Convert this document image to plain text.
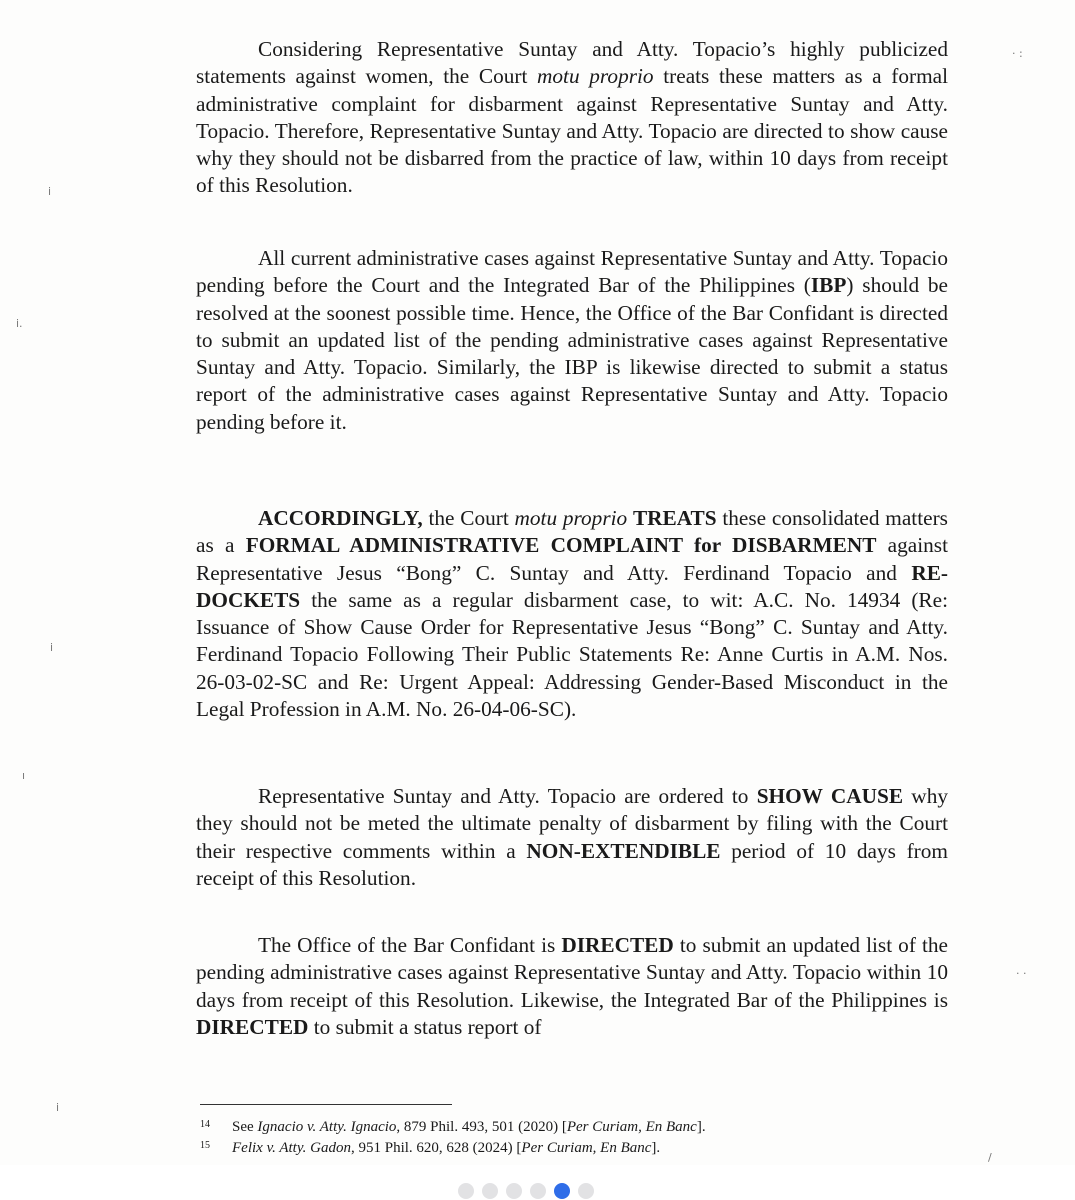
ⅰ
ⅰ.
ⅰ
ı
ⅰ
· :
· ·
/

Considering Representative Suntay and Atty. Topacio’s highly publicized statements against women, the Court motu proprio treats these matters as a formal administrative complaint for disbarment against Representative Suntay and Atty. Topacio. Therefore, Representative Suntay and Atty. Topacio are directed to show cause why they should not be disbarred from the practice of law, within 10 days from receipt of this Resolution.

All current administrative cases against Representative Suntay and Atty. Topacio pending before the Court and the Integrated Bar of the Philippines (IBP) should be resolved at the soonest possible time. Hence, the Office of the Bar Confidant is directed to submit an updated list of the pending administrative cases against Representative Suntay and Atty. Topacio. Similarly, the IBP is likewise directed to submit a status report of the administrative cases against Representative Suntay and Atty. Topacio pending before it.

ACCORDINGLY, the Court motu proprio TREATS these consolidated matters as a FORMAL ADMINISTRATIVE COMPLAINT for DISBARMENT against Representative Jesus “Bong” C. Suntay and Atty. Ferdinand Topacio and RE-DOCKETS the same as a regular disbarment case, to wit: A.C. No. 14934 (Re: Issuance of Show Cause Order for Representative Jesus “Bong” C. Suntay and Atty. Ferdinand Topacio Following Their Public Statements Re: Anne Curtis in A.M. Nos. 26-03-02-SC and Re: Urgent Appeal: Addressing Gender-Based Misconduct in the Legal Profession in A.M. No. 26-04-06-SC).

Representative Suntay and Atty. Topacio are ordered to SHOW CAUSE why they should not be meted the ultimate penalty of disbarment by filing with the Court their respective comments within a NON-EXTENDIBLE period of 10 days from receipt of this Resolution.

The Office of the Bar Confidant is DIRECTED to submit an updated list of the pending administrative cases against Representative Suntay and Atty. Topacio within 10 days from receipt of this Resolution. Likewise, the Integrated Bar of the Philippines is DIRECTED to submit a status report of

14 See Ignacio v. Atty. Ignacio, 879 Phil. 493, 501 (2020) [Per Curiam, En Banc].
15 Felix v. Atty. Gadon, 951 Phil. 620, 628 (2024) [Per Curiam, En Banc].
